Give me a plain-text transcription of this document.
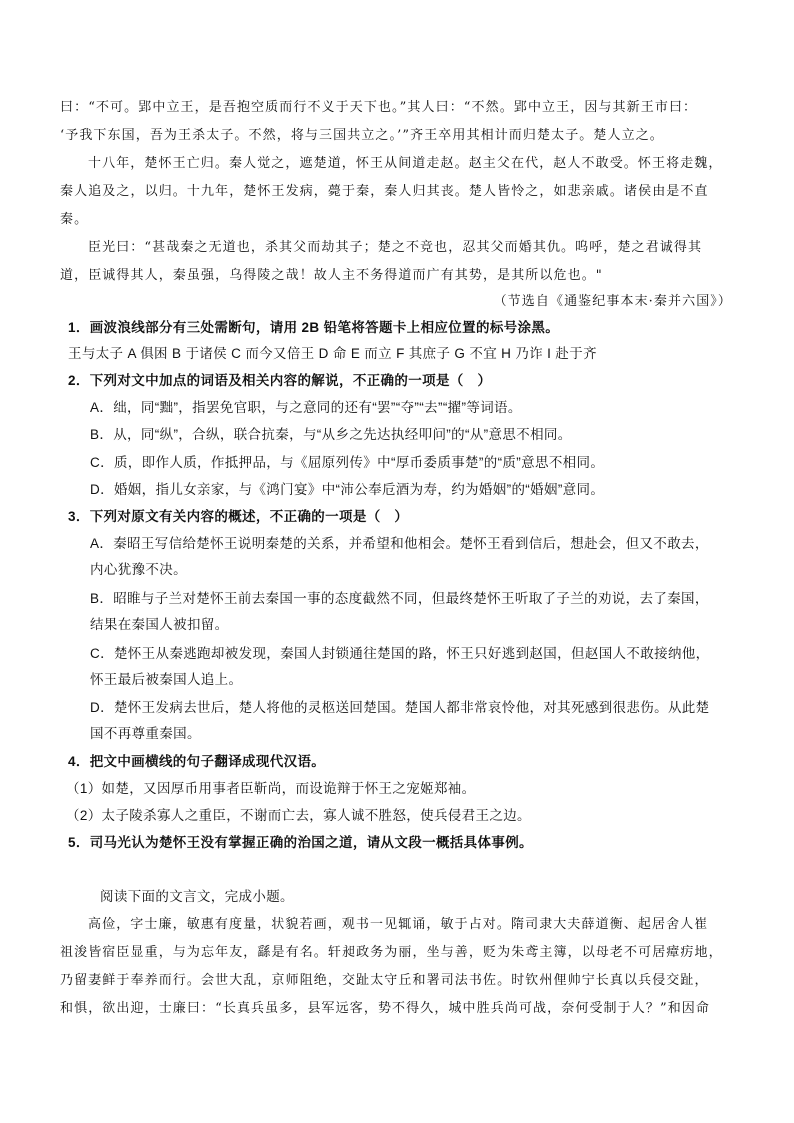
曰：“不可。郢中立王，是吾抱空质而行不义于天下也。”其人曰：“不然。郢中立王，因与其新王市曰：

‘予我下东国，吾为王杀太子。不然，将与三国共立之。’”齐王卒用其相计而归楚太子。楚人立之。

十八年，楚怀王亡归。秦人觉之，遮楚道，怀王从间道走赵。赵主父在代，赵人不敢受。怀王将走魏，

秦人追及之，以归。十九年，楚怀王发病，薨于秦，秦人归其丧。楚人皆怜之，如悲亲戚。诸侯由是不直

秦。

臣光曰：“甚哉秦之无道也，杀其父而劫其子；楚之不竞也，忍其父而婚其仇。呜呼，楚之君诚得其

道，臣诚得其人，秦虽强，乌得陵之哉！故人主不务得道而广有其势，是其所以危也。"

（节选自《通鉴纪事本末·秦并六国》）

1．画波浪线部分有三处需断句，请用 2B 铅笔将答题卡上相应位置的标号涂黑。

王与太子 A 俱困 B 于诸侯 C 而今又倍王 D 命 E 而立 F 其庶子 G 不宜 H 乃诈 I 赴于齐

2．下列对文中加点的词语及相关内容的解说，不正确的一项是（　）

A．绌，同“黜”，指罢免官职，与之意同的还有“罢”“夺”“去”“擢”等词语。

B．从，同“纵”，合纵，联合抗秦，与“从乡之先达执经叩问”的“从”意思不相同。

C．质，即作人质，作抵押品，与《屈原列传》中“厚币委质事楚”的“质”意思不相同。

D．婚姻，指儿女亲家，与《鸿门宴》中“沛公奉卮酒为寿，约为婚姻”的“婚姻”意同。

3．下列对原文有关内容的概述，不正确的一项是（　）

A．秦昭王写信给楚怀王说明秦楚的关系，并希望和他相会。楚怀王看到信后，想赴会，但又不敢去，

内心犹豫不决。

B．昭睢与子兰对楚怀王前去秦国一事的态度截然不同，但最终楚怀王听取了子兰的劝说，去了秦国，

结果在秦国人被扣留。

C．楚怀王从秦逃跑却被发现，秦国人封锁通往楚国的路，怀王只好逃到赵国，但赵国人不敢接纳他，

怀王最后被秦国人追上。

D．楚怀王发病去世后，楚人将他的灵柩送回楚国。楚国人都非常哀怜他，对其死感到很悲伤。从此楚

国不再尊重秦国。

4．把文中画横线的句子翻译成现代汉语。

（1）如楚，又因厚币用事者臣靳尚，而设诡辩于怀王之宠姬郑袖。

（2）太子陵杀寡人之重臣，不谢而亡去，寡人诚不胜怒，使兵侵君王之边。

5．司马光认为楚怀王没有掌握正确的治国之道，请从文段一概括具体事例。

阅读下面的文言文，完成小题。

高俭，字士廉，敏惠有度量，状貌若画，观书一见辄诵，敏于占对。隋司隶大夫薛道衡、起居舍人崔

祖浚皆宿臣显重，与为忘年友，繇是有名。轩昶政务为丽，坐与善，贬为朱鸢主簿，以母老不可居瘴疠地，

乃留妻鲜于奉养而行。会世大乱，京师阻绝，交趾太守丘和署司法书佐。时钦州俚帅宁长真以兵侵交趾，

和惧，欲出迎，士廉曰：“长真兵虽多，县军远客，势不得久，城中胜兵尚可战，奈何受制于人？”和因命
